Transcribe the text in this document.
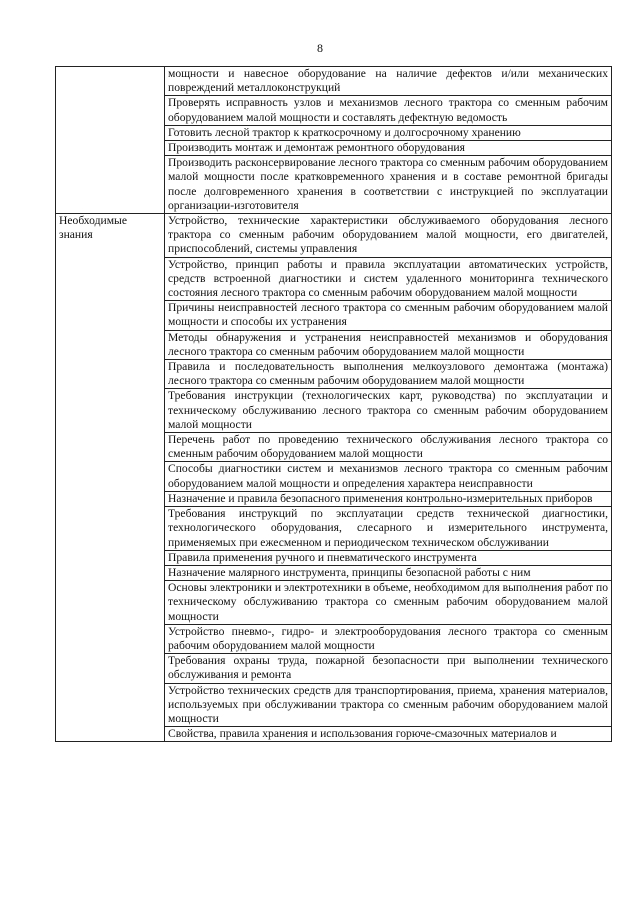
8
	мощности и навесное оборудование на наличие дефектов и/или механических повреждений металлоконструкций
	Проверять исправность узлов и механизмов лесного трактора со сменным рабочим оборудованием малой мощности и составлять дефектную ведомость
	Готовить лесной трактор к краткосрочному и долгосрочному хранению
	Производить монтаж и демонтаж ремонтного оборудования
	Производить расконсервирование лесного трактора со сменным рабочим оборудованием малой мощности после кратковременного хранения и в составе ремонтной бригады после долговременного хранения в соответствии с инструкцией по эксплуатации организации-изготовителя
Необходимые знания	Устройство, технические характеристики обслуживаемого оборудования лесного трактора со сменным рабочим оборудованием малой мощности, его двигателей, приспособлений, системы управления
	Устройство, принцип работы и правила эксплуатации автоматических устройств, средств встроенной диагностики и систем удаленного мониторинга технического состояния лесного трактора со сменным рабочим оборудованием малой мощности
	Причины неисправностей лесного трактора со сменным рабочим оборудованием малой мощности и способы их устранения
	Методы обнаружения и устранения неисправностей механизмов и оборудования лесного трактора со сменным рабочим оборудованием малой мощности
	Правила и последовательность выполнения мелкоузлового демонтажа (монтажа) лесного трактора со сменным рабочим оборудованием малой мощности
	Требования инструкции (технологических карт, руководства) по эксплуатации и техническому обслуживанию лесного трактора со сменным рабочим оборудованием малой мощности
	Перечень работ по проведению технического обслуживания лесного трактора со сменным рабочим оборудованием малой мощности
	Способы диагностики систем и механизмов лесного трактора со сменным рабочим оборудованием малой мощности и определения характера неисправности
	Назначение и правила безопасного применения контрольно-измерительных приборов
	Требования инструкций по эксплуатации средств технической диагностики, технологического оборудования, слесарного и измерительного инструмента, применяемых при ежесменном и периодическом техническом обслуживании
	Правила применения ручного и пневматического инструмента
	Назначение малярного инструмента, принципы безопасной работы с ним
	Основы электроники и электротехники в объеме, необходимом для выполнения работ по техническому обслуживанию трактора со сменным рабочим оборудованием малой мощности
	Устройство пневмо-, гидро- и электрооборудования лесного трактора со сменным рабочим оборудованием малой мощности
	Требования охраны труда, пожарной безопасности при выполнении технического обслуживания и ремонта
	Устройство технических средств для транспортирования, приема, хранения материалов, используемых при обслуживании трактора со сменным рабочим оборудованием малой мощности
	Свойства, правила хранения и использования горюче-смазочных материалов и
